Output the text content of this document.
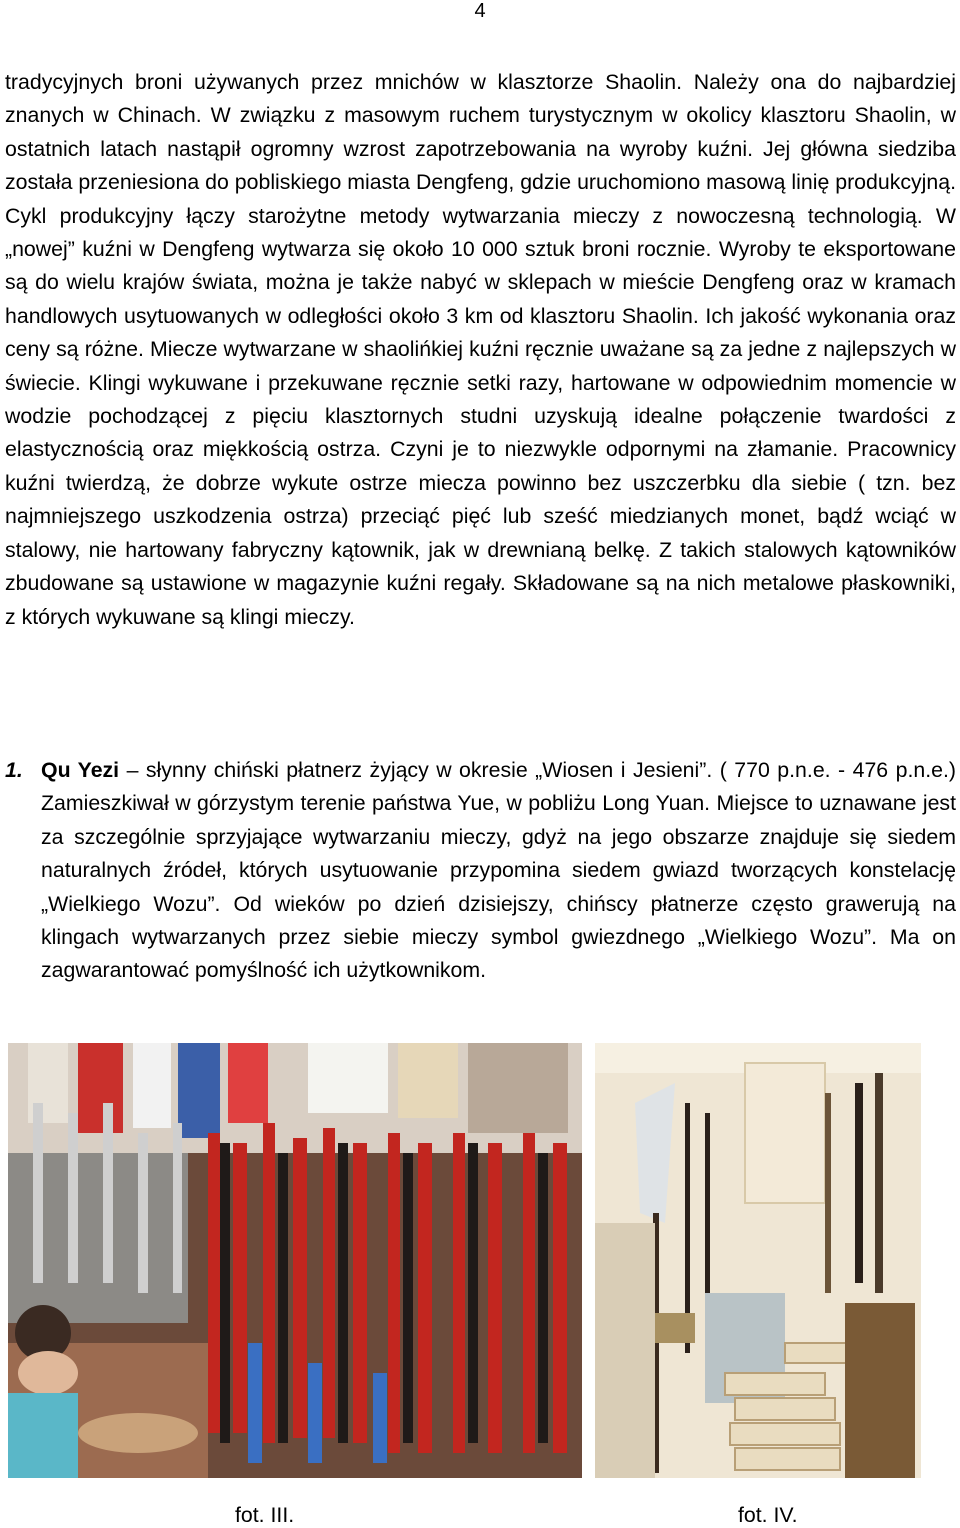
4

tradycyjnych broni używanych przez mnichów w klasztorze Shaolin. Należy ona do najbardziej znanych w Chinach. W związku z masowym ruchem turystycznym w okolicy klasztoru Shaolin, w ostatnich latach nastąpił ogromny wzrost zapotrzebowania na wyroby kuźni. Jej główna siedziba została przeniesiona do pobliskiego miasta Dengfeng, gdzie uruchomiono masową linię produkcyjną. Cykl produkcyjny łączy starożytne metody wytwarzania mieczy z nowoczesną technologią. W „nowej” kuźni w Dengfeng wytwarza się około 10 000 sztuk broni rocznie. Wyroby te eksportowane są do wielu krajów świata, można je także nabyć w sklepach w mieście Dengfeng oraz w kramach handlowych usytuowanych w odległości około 3 km od klasztoru Shaolin. Ich jakość wykonania oraz ceny są różne. Miecze wytwarzane w shaolińkiej kuźni ręcznie uważane są za jedne z najlepszych w świecie. Klingi wykuwane i przekuwane ręcznie setki razy, hartowane w odpowiednim momencie w wodzie pochodzącej z pięciu klasztornych studni uzyskują idealne połączenie twardości z elastycznością oraz miękkością ostrza. Czyni je to niezwykle odpornymi na złamanie. Pracownicy kuźni twierdzą, że dobrze wykute ostrze miecza powinno bez uszczerbku dla siebie ( tzn. bez najmniejszego uszkodzenia ostrza) przeciąć pięć lub sześć miedzianych monet, bądź wciąć w stalowy, nie hartowany fabryczny kątownik, jak w drewnianą belkę. Z takich stalowych kątowników zbudowane są ustawione w magazynie kuźni regały. Składowane są na nich metalowe płaskowniki, z których wykuwane są klingi mieczy.

1. Qu Yezi – słynny chiński płatnerz żyjący w okresie „Wiosen i Jesieni”. ( 770 p.n.e. - 476 p.n.e.) Zamieszkiwał w górzystym terenie państwa Yue, w pobliżu Long Yuan. Miejsce to uznawane jest za szczególnie sprzyjające wytwarzaniu mieczy, gdyż na jego obszarze znajduje się siedem naturalnych źródeł, których usytuowanie przypomina siedem gwiazd tworzących konstelację „Wielkiego Wozu”. Od wieków po dzień dzisiejszy, chińscy płatnerze często grawerują na klingach wytwarzanych przez siebie mieczy symbol gwiezdnego „Wielkiego Wozu”. Ma on zagwarantować pomyślność ich użytkownikom.

fot. III.	fot. IV.
